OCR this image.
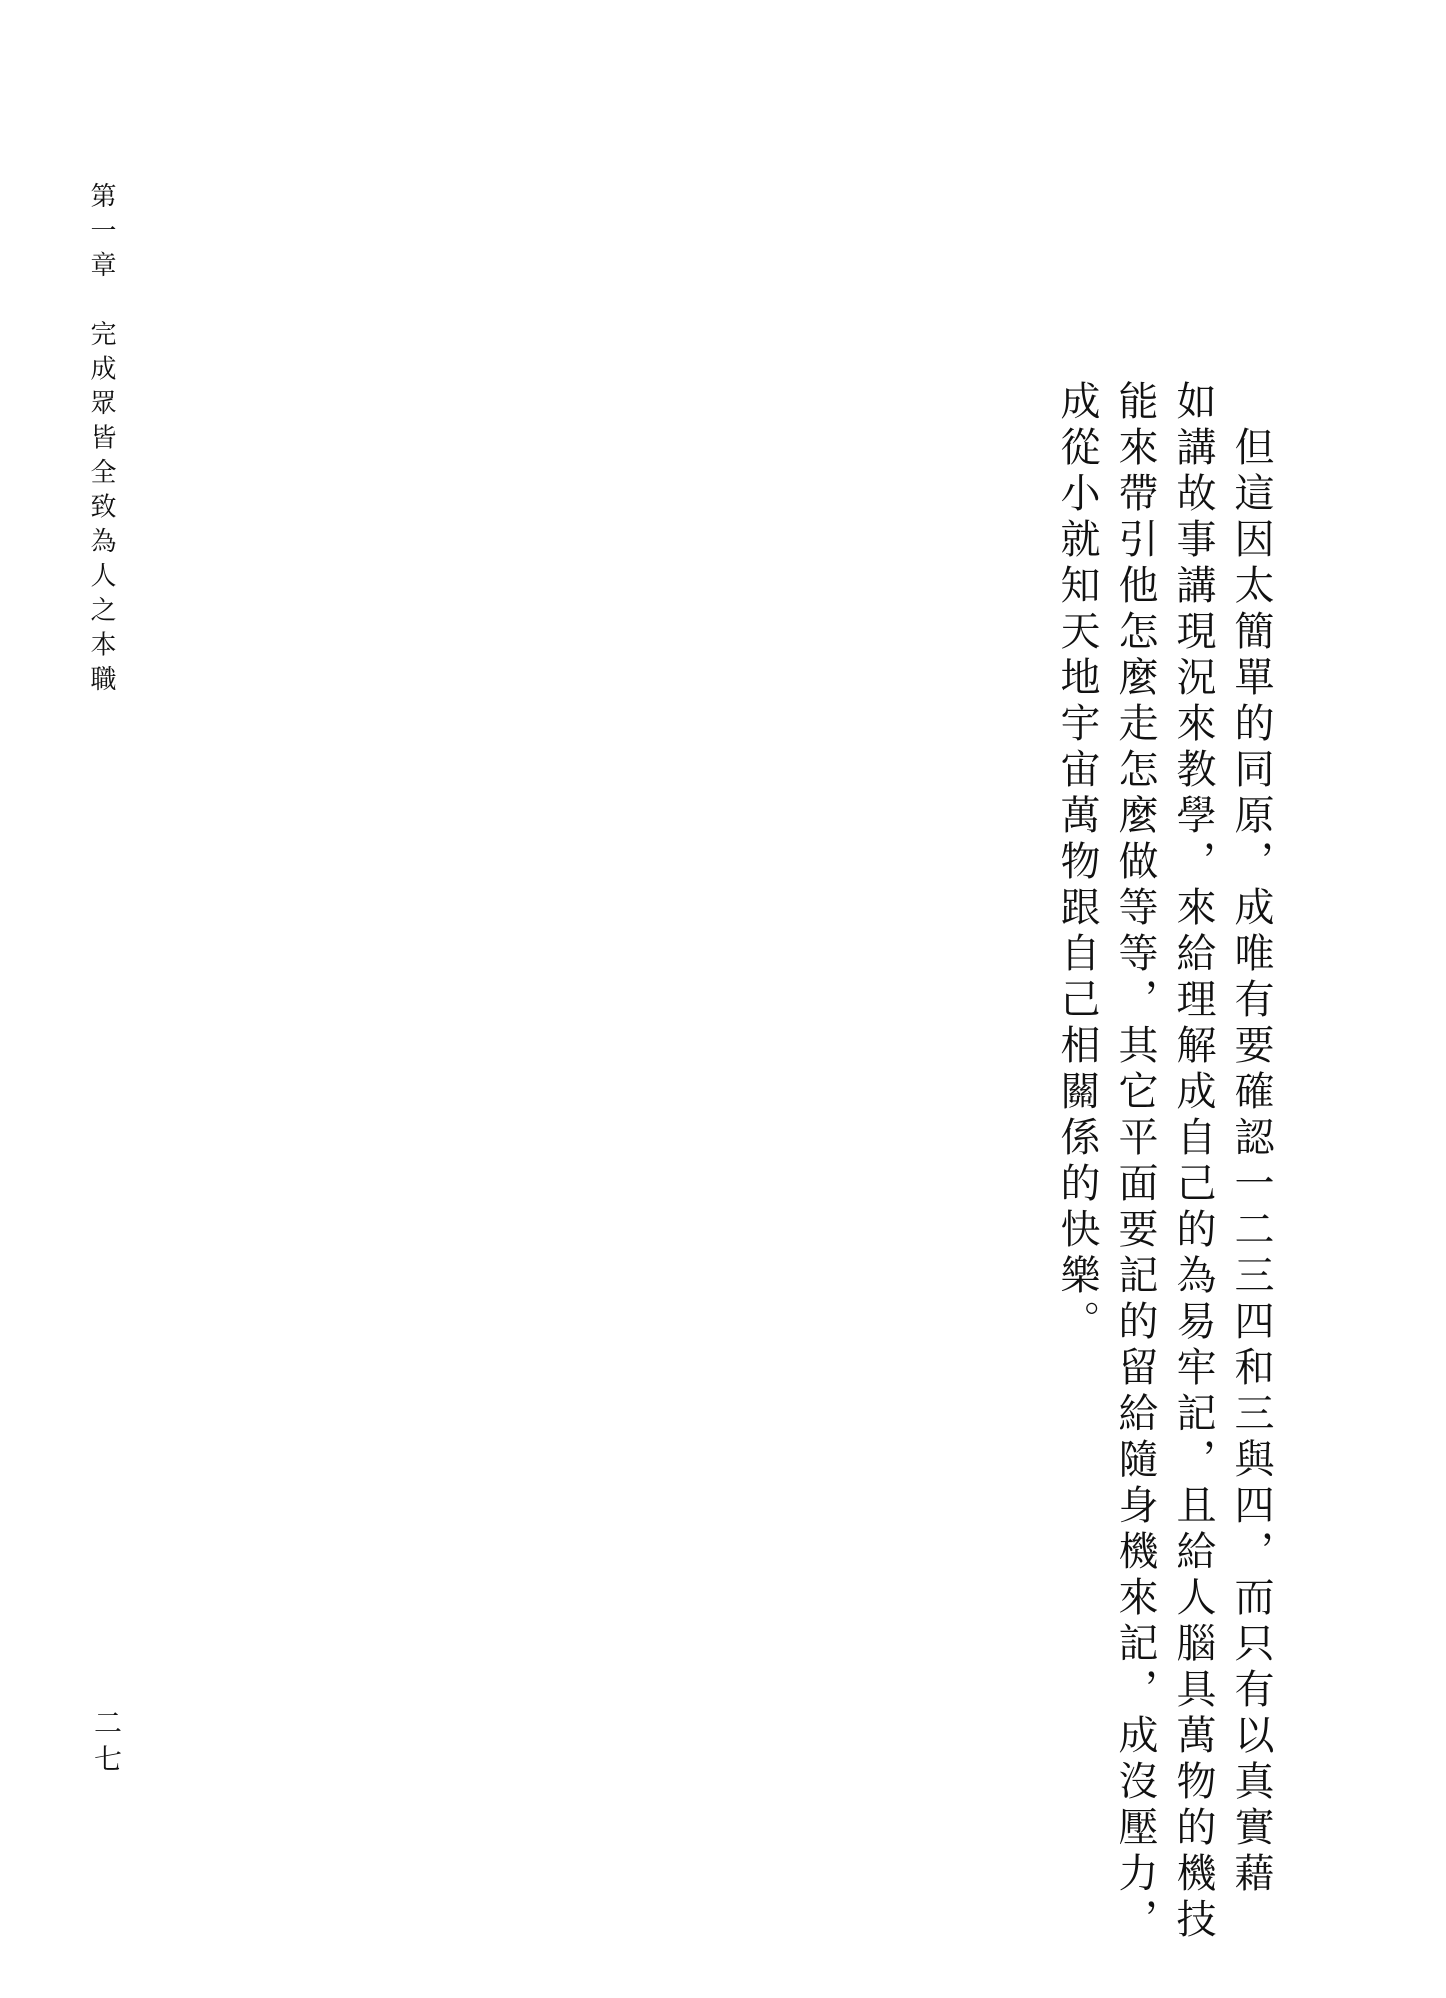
第一章　完成眾皆全致為人之本職
二七
　	但這因太簡單的同原，成唯有要確認一二三四和三與四，而只有以真實藉
如講故事講現況來教學，來給理解成自己的為易牢記，且給人腦具萬物的機技
能來帶引他怎麼走怎麼做等等，其它平面要記的留給隨身機來記，成沒壓力，
成從小就知天地宇宙萬物跟自己相關係的快樂。
